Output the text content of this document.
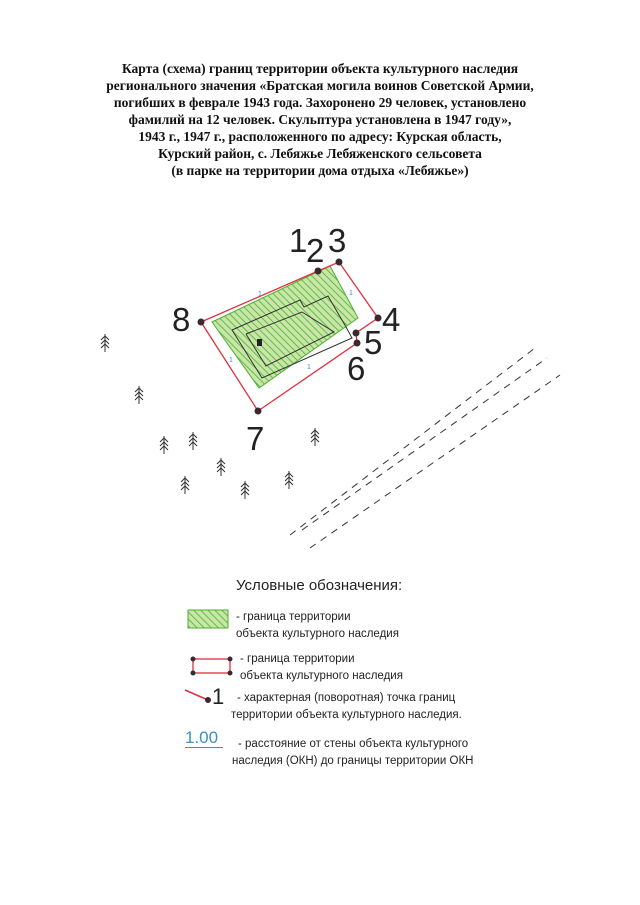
Карта (схема) границ территории объекта культурного наследия
регионального значения «Братская могила воинов Советской Армии,
погибших в феврале 1943 года. Захоронено 29 человек, установлено
фамилий на 12 человек. Скульптура установлена в 1947 году»,
1943 г., 1947 г., расположенного по адресу: Курская область,
Курский район, с. Лебяжье Лебяженского сельсовета
(в парке на территории дома отдыха «Лебяжье»)
1	1
1
1
1
2 3
4
5
6
7
8
Условные обозначения:
- граница территории
объекта культурного наследия
- граница территории
объекта культурного наследия
1	- характерная (поворотная) точка границ
территории объекта культурного наследия.
1.00	- расстояние от стены объекта культурного
наследия (ОКН) до границы территории ОКН
